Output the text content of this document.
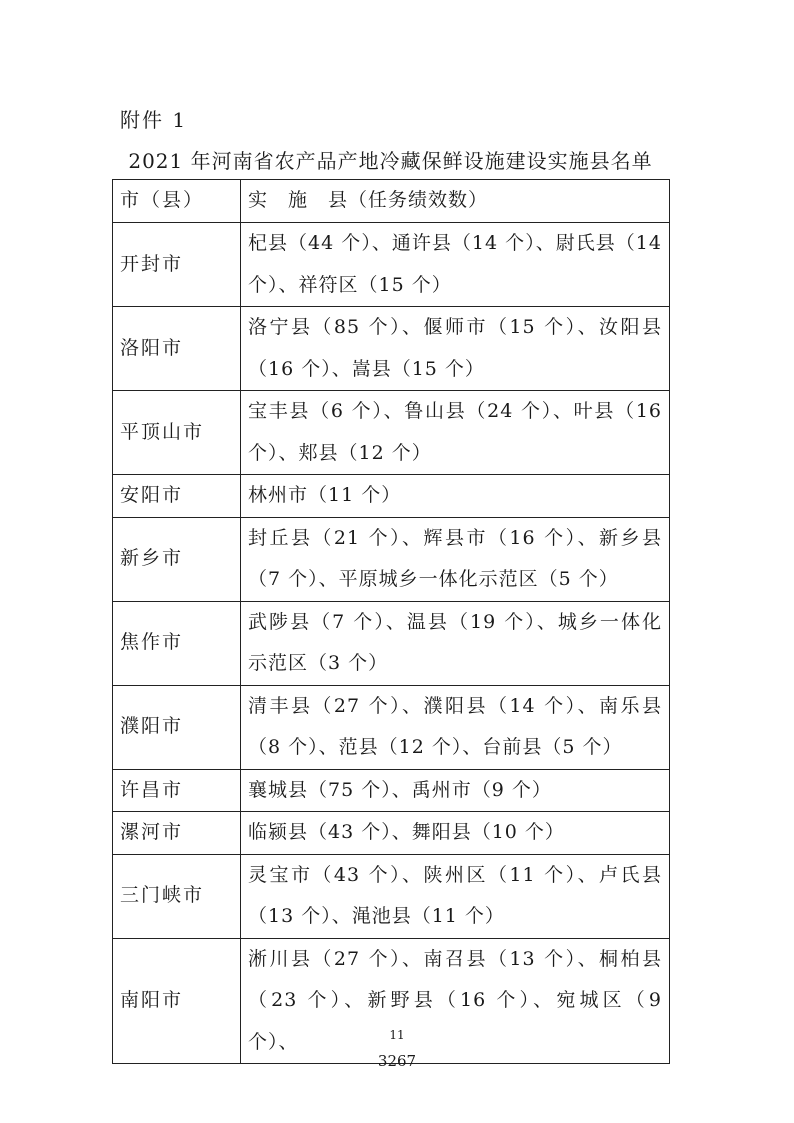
附件 1
2021 年河南省农产品产地冷藏保鲜设施建设实施县名单
市（县）	实　施　县（任务绩效数）
开封市	杞县（44 个）、通许县（14 个）、尉氏县（14 个）、祥符区（15 个）
洛阳市	洛宁县（85 个）、偃师市（15 个）、汝阳县（16 个）、嵩县（15 个）
平顶山市	宝丰县（6 个）、鲁山县（24 个）、叶县（16 个）、郏县（12 个）
安阳市	林州市（11 个）
新乡市	封丘县（21 个）、辉县市（16 个）、新乡县（7 个）、平原城乡一体化示范区（5 个）
焦作市	武陟县（7 个）、温县（19 个）、城乡一体化示范区（3 个）
濮阳市	清丰县（27 个）、濮阳县（14 个）、南乐县（8 个）、范县（12 个）、台前县（5 个）
许昌市	襄城县（75 个）、禹州市（9 个）
漯河市	临颍县（43 个）、舞阳县（10 个）
三门峡市	灵宝市（43 个）、陕州区（11 个）、卢氏县（13 个）、渑池县（11 个）
南阳市	淅川县（27 个）、南召县（13 个）、桐柏县（23 个）、新野县（16 个）、宛城区（9 个）、	11
3267
